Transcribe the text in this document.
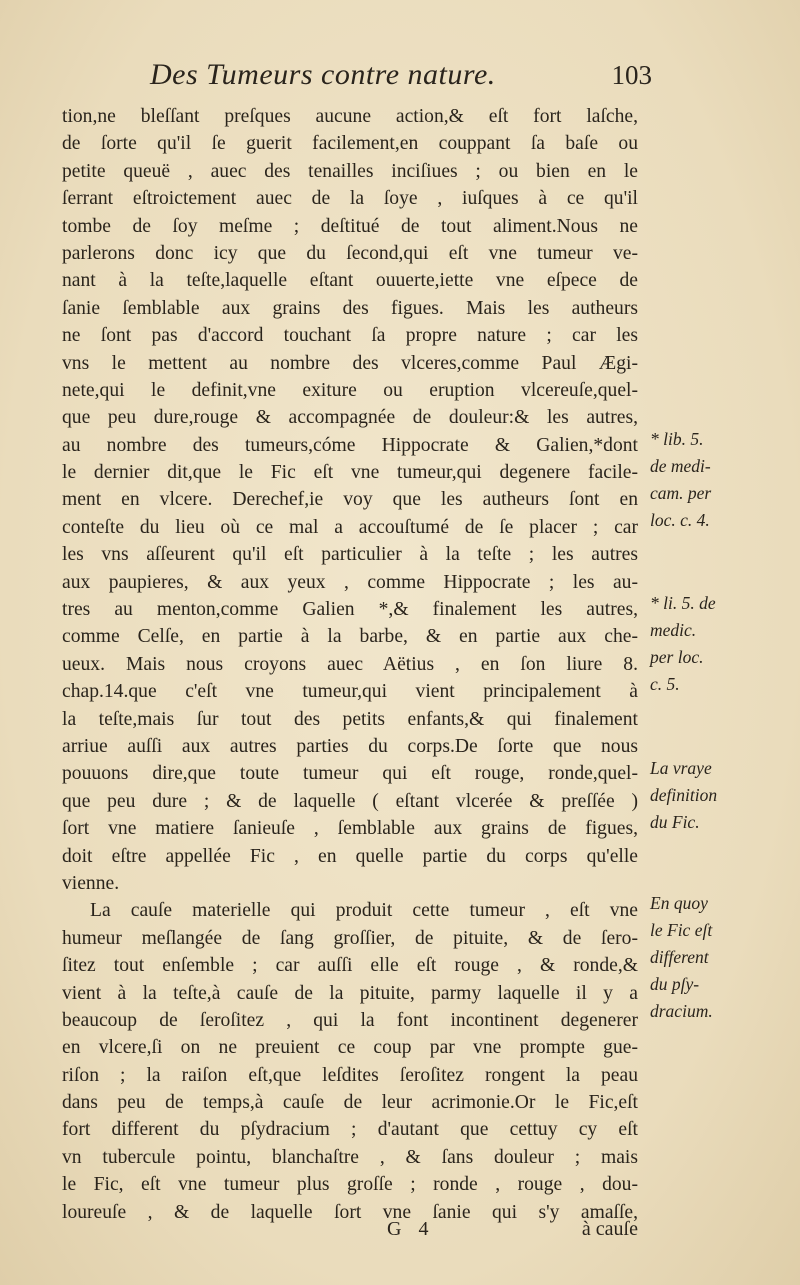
Des Tumeurs contre nature.	103
tion,ne bleſſant preſques aucune action,& eſt fort laſche,
de ſorte qu'il ſe guerit facilement,en couppant ſa baſe ou
petite queuë , auec des tenailles inciſiues ; ou bien en le
ſerrant eſtroictement auec de la ſoye , iuſques à ce qu'il
tombe de ſoy meſme ; deſtitué de tout aliment.Nous ne
parlerons donc icy que du ſecond,qui eſt vne tumeur ve-
nant à la teſte,laquelle eſtant ouuerte,iette vne eſpece de
ſanie ſemblable aux grains des figues. Mais les autheurs
ne ſont pas d'accord touchant ſa propre nature ; car les
vns le mettent au nombre des vlceres,comme Paul Ægi-
nete,qui le definit,vne exiture ou eruption vlcereuſe,quel-
que peu dure,rouge & accompagnée de douleur:& les autres,
au nombre des tumeurs,cóme Hippocrate & Galien,*dont
le dernier dit,que le Fic eſt vne tumeur,qui degenere facile-
ment en vlcere. Derechef,ie voy que les autheurs ſont en
conteſte du lieu où ce mal a accouſtumé de ſe placer ; car
les vns aſſeurent qu'il eſt particulier à la teſte ; les autres
aux paupieres, & aux yeux , comme Hippocrate ; les au-
tres au menton,comme Galien *,& finalement les autres,
comme Celſe, en partie à la barbe, & en partie aux che-
ueux. Mais nous croyons auec Aëtius , en ſon liure 8.
chap.14.que c'eſt vne tumeur,qui vient principalement à
la teſte,mais ſur tout des petits enfants,& qui finalement
arriue auſſi aux autres parties du corps.De ſorte que nous
pouuons dire,que toute tumeur qui eſt rouge, ronde,quel-
que peu dure ; & de laquelle ( eſtant vlcerée & preſſée )
ſort vne matiere ſanieuſe , ſemblable aux grains de figues,
doit eſtre appellée Fic , en quelle partie du corps qu'elle
vienne.
La cauſe materielle qui produit cette tumeur , eſt vne
humeur meſlangée de ſang groſſier, de pituite, & de ſero-
ſitez tout enſemble ; car auſſi elle eſt rouge , & ronde,&
vient à la teſte,à cauſe de la pituite, parmy laquelle il y a
beaucoup de ſeroſitez , qui la font incontinent degenerer
en vlcere,ſi on ne preuient ce coup par vne prompte gue-
riſon ; la raiſon eſt,que leſdites ſeroſitez rongent la peau
dans peu de temps,à cauſe de leur acrimonie.Or le Fic,eſt
fort different du pſydracium ; d'autant que cettuy cy eſt
vn tubercule pointu, blanchaſtre , & ſans douleur ; mais
le Fic, eſt vne tumeur plus groſſe ; ronde , rouge , dou-
loureuſe , & de laquelle ſort vne ſanie qui s'y amaſſe,
* lib. 5.
de medi-
cam. per
loc. c. 4.
* li. 5. de
medic.
per loc.
c. 5.
La vraye
definition
du Fic.
En quoy
le Fic eſt
different
du pſy-
dracium.
G 4	à cauſe
